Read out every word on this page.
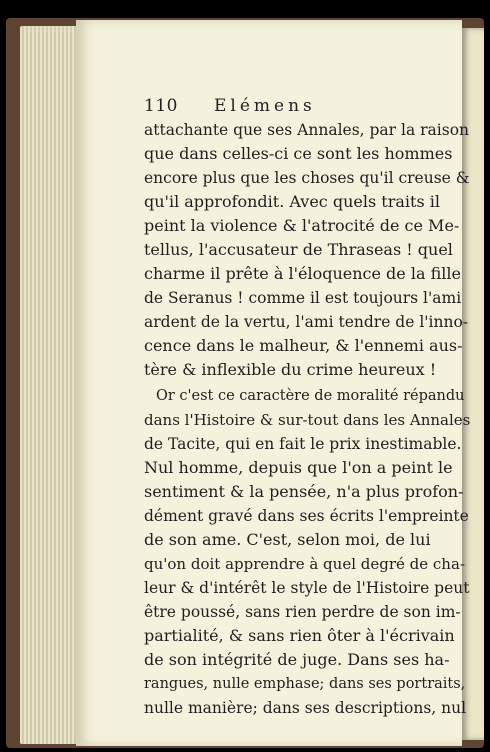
110 Elémens
attachante que ses Annales, par la raison
que dans celles-ci ce sont les hommes
encore plus que les choses qu'il creuse &
qu'il approfondit. Avec quels traits il
peint la violence & l'atrocité de ce Me-
tellus, l'accusateur de Thraseas ! quel
charme il prête à l'éloquence de la fille
de Seranus ! comme il est toujours l'ami
ardent de la vertu, l'ami tendre de l'inno-
cence dans le malheur, & l'ennemi aus-
tère & inflexible du crime heureux !
Or c'est ce caractère de moralité répandu
dans l'Histoire & sur-tout dans les Annales
de Tacite, qui en fait le prix inestimable.
Nul homme, depuis que l'on a peint le
sentiment & la pensée, n'a plus profon-
dément gravé dans ses écrits l'empreinte
de son ame. C'est, selon moi, de lui
qu'on doit apprendre à quel degré de cha-
leur & d'intérêt le style de l'Histoire peut
être poussé, sans rien perdre de son im-
partialité, & sans rien ôter à l'écrivain
de son intégrité de juge. Dans ses ha-
rangues, nulle emphase; dans ses portraits,
nulle manière; dans ses descriptions, nul
